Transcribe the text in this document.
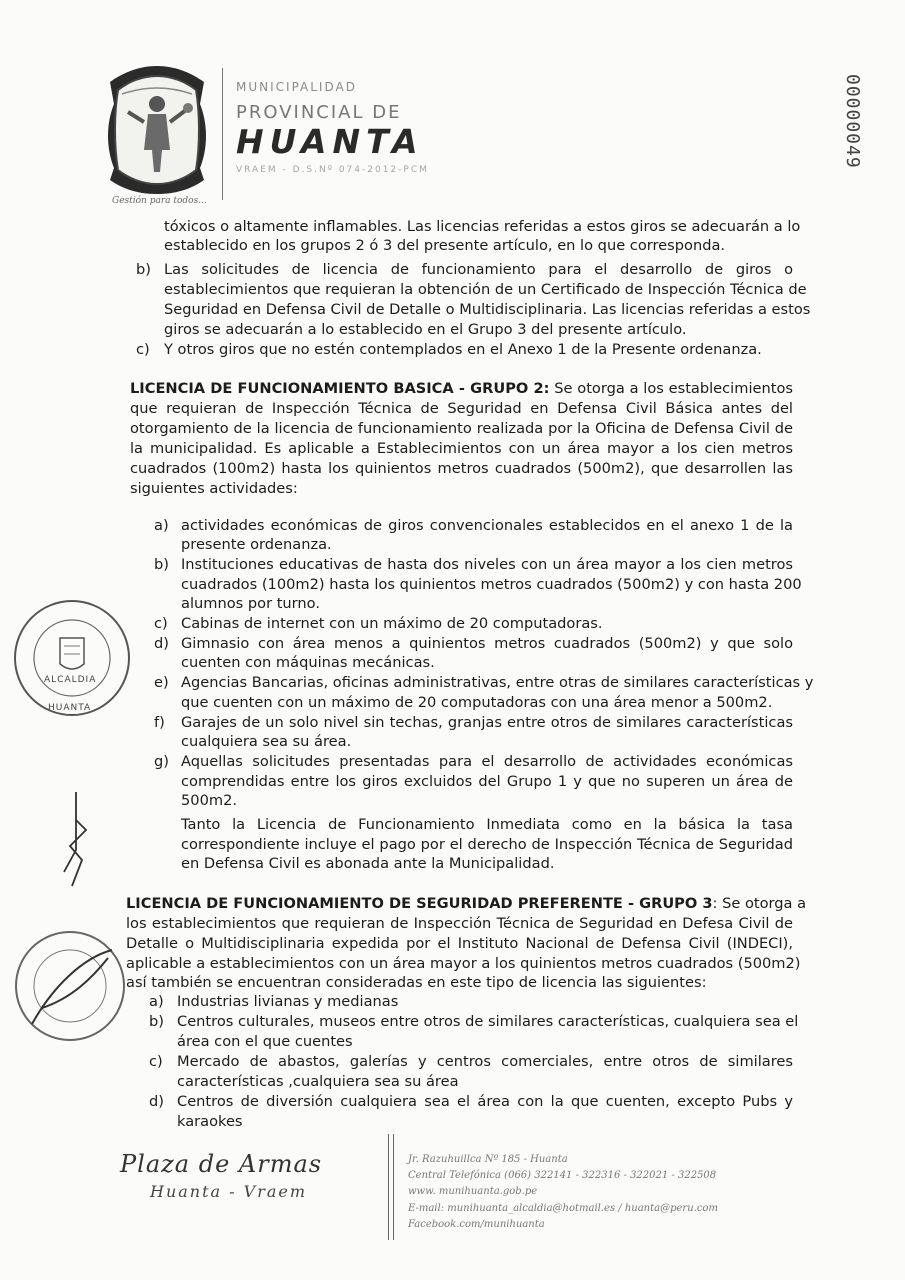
Gestión para todos...
MUNICIPALIDAD
PROVINCIAL DE
HUANTA
VRAEM - D.S.Nº 074-2012-PCM
00000049
tóxicos o altamente inflamables. Las licencias referidas a estos giros se adecuarán a lo
establecido en los grupos 2 ó 3 del presente artículo, en lo que corresponda.
b) Las solicitudes de licencia de funcionamiento para el desarrollo de giros o
establecimientos que requieran la obtención de un Certificado de Inspección Técnica de
Seguridad en Defensa Civil de Detalle o Multidisciplinaria. Las licencias referidas a estos
giros se adecuarán a lo establecido en el Grupo 3 del presente artículo.
c) Y otros giros que no estén contemplados en el Anexo 1 de la Presente ordenanza.
LICENCIA DE FUNCIONAMIENTO BASICA - GRUPO 2: Se otorga a los establecimientos
que requieran de Inspección Técnica de Seguridad en Defensa Civil Básica antes del
otorgamiento de la licencia de funcionamiento realizada por la Oficina de Defensa Civil de
la municipalidad. Es aplicable a Establecimientos con un área mayor a los cien metros
cuadrados (100m2) hasta los quinientos metros cuadrados (500m2), que desarrollen las
siguientes actividades:
a) actividades económicas de giros convencionales establecidos en el anexo 1 de la
presente ordenanza.
b) Instituciones educativas de hasta dos niveles con un área mayor a los cien metros
cuadrados (100m2) hasta los quinientos metros cuadrados (500m2) y con hasta 200
alumnos por turno.
c) Cabinas de internet con un máximo de 20 computadoras.
d) Gimnasio con área menos a quinientos metros cuadrados (500m2) y que solo
cuenten con máquinas mecánicas.
e) Agencias Bancarias, oficinas administrativas, entre otras de similares características y
que cuenten con un máximo de 20 computadoras con una área menor a 500m2.
f) Garajes de un solo nivel sin techas, granjas entre otros de similares características
cualquiera sea su área.
g) Aquellas solicitudes presentadas para el desarrollo de actividades económicas
comprendidas entre los giros excluidos del Grupo 1 y que no superen un área de
500m2.
Tanto la Licencia de Funcionamiento Inmediata como en la básica la tasa
correspondiente incluye el pago por el derecho de Inspección Técnica de Seguridad
en Defensa Civil es abonada ante la Municipalidad.
LICENCIA DE FUNCIONAMIENTO DE SEGURIDAD PREFERENTE - GRUPO 3: Se otorga a
los establecimientos que requieran de Inspección Técnica de Seguridad en Defesa Civil de
Detalle o Multidisciplinaria expedida por el Instituto Nacional de Defensa Civil (INDECI),
aplicable a establecimientos con un área mayor a los quinientos metros cuadrados (500m2)
así también se encuentran consideradas en este tipo de licencia las siguientes:
a) Industrias livianas y medianas
b) Centros culturales, museos entre otros de similares características, cualquiera sea el
área con el que cuentes
c) Mercado de abastos, galerías y centros comerciales, entre otros de similares
características ,cualquiera sea su área
d) Centros de diversión cualquiera sea el área con la que cuenten, excepto Pubs y
karaokes
ALCALDIA
HUANTA
Plaza de Armas
Huanta - Vraem
Jr. Razuhuillca Nº 185 - Huanta
Central Telefónica (066) 322141 - 322316 - 322021 - 322508
www. munihuanta.gob.pe
E-mail: munihuanta_alcaldia@hotmail.es / huanta@peru.com
Facebook.com/munihuanta
